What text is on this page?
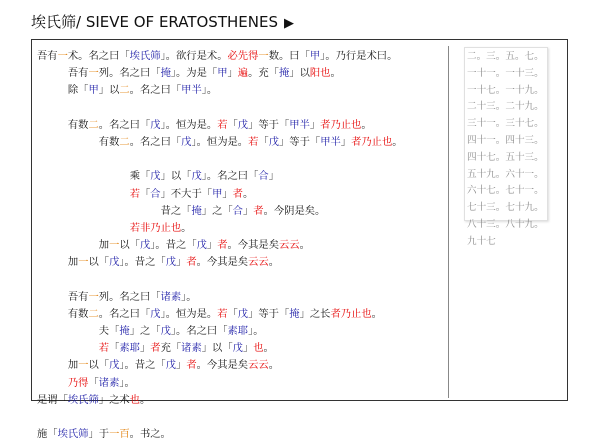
埃氏筛/ SIEVE OF ERATOSTHENES ▶
吾有一术。名之曰「埃氏筛」。欲行是术。必先得一数。曰「甲」。乃行是术曰。
吾有一列。名之曰「掩」。为是「甲」遍。充「掩」以阳也。
除「甲」以二。名之曰「甲半」。
有数二。名之曰「戊」。恒为是。若「戊」等于「甲半」者乃止也。
有数二。名之曰「戊」。恒为是。若「戊」等于「甲半」者乃止也。
乘「戊」以「戊」。名之曰「合」
若「合」不大于「甲」者。
昔之「掩」之「合」者。今阴是矣。
若非乃止也。
加一以「戊」。昔之「戊」者。今其是矣云云。
加一以「戊」。昔之「戊」者。今其是矣云云。
吾有一列。名之曰「诸素」。
有数二。名之曰「戊」。恒为是。若「戊」等于「掩」之长者乃止也。
夫「掩」之「戊」。名之曰「素耶」。
若「素耶」者充「诸素」以「戊」也。
加一以「戊」。昔之「戊」者。今其是矣云云。
乃得「诸素」。
是谓「埃氏筛」之术也。
施「埃氏筛」于一百。书之。
二。三。五。七。
一十一。一十三。
一十七。一十九。
二十三。二十九。
三十一。三十七。
四十一。四十三。
四十七。五十三。
五十九。六十一。
六十七。七十一。
七十三。七十九。
八十三。八十九。
九十七
